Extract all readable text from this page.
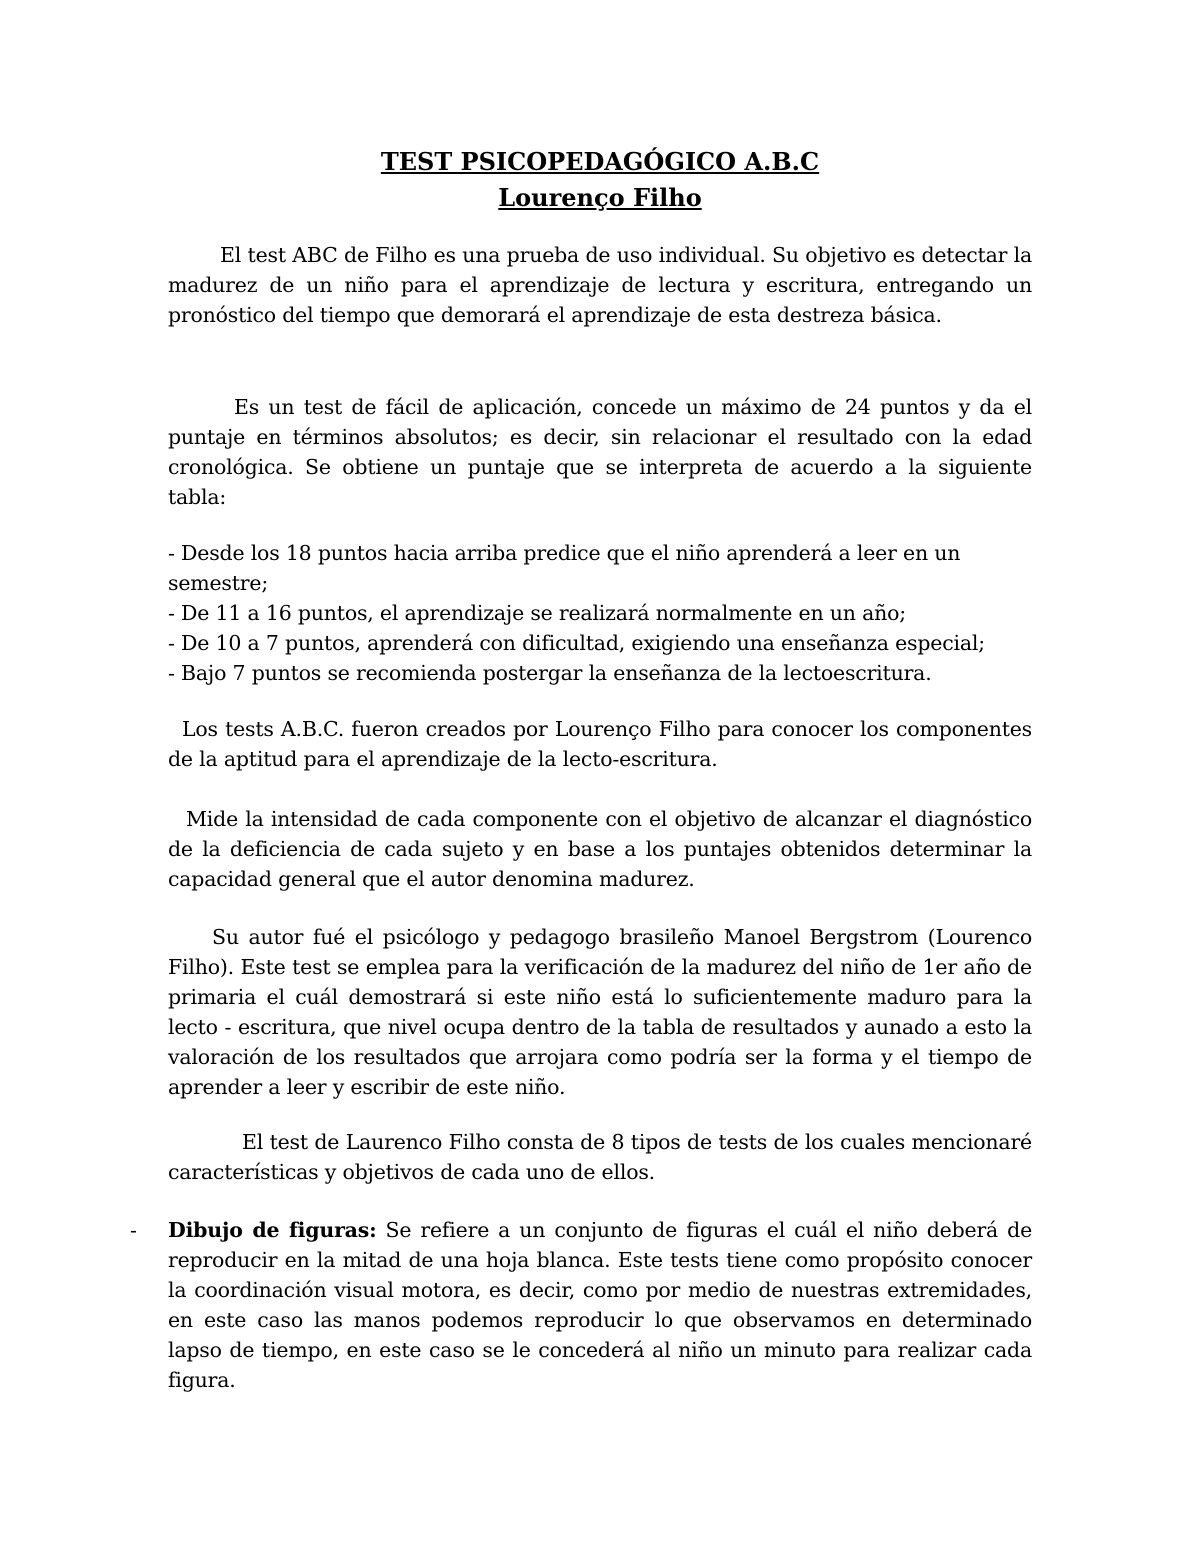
TEST PSICOPEDAGÓGICO A.B.C
Lourenço Filho

El test ABC de Filho es una prueba de uso individual. Su objetivo es detectar la madurez de un niño para el aprendizaje de lectura y escritura, entregando un pronóstico del tiempo que demorará el aprendizaje de esta destreza básica.

Es un test de fácil de aplicación, concede un máximo de 24 puntos y da el puntaje en términos absolutos; es decir, sin relacionar el resultado con la edad cronológica. Se obtiene un puntaje que se interpreta de acuerdo a la siguiente tabla:

- Desde los 18 puntos hacia arriba predice que el niño aprenderá a leer en un semestre;

- De 11 a 16 puntos, el aprendizaje se realizará normalmente en un año;

- De 10 a 7 puntos, aprenderá con dificultad, exigiendo una enseñanza especial;

- Bajo 7 puntos se recomienda postergar la enseñanza de la lectoescritura.

Los tests A.B.C. fueron creados por Lourenço Filho para conocer los componentes de la aptitud para el aprendizaje de la lecto-escritura.

Mide la intensidad de cada componente con el objetivo de alcanzar el diagnóstico de la deficiencia de cada sujeto y en base a los puntajes obtenidos determinar la capacidad general que el autor denomina madurez.

Su autor fué el psicólogo y pedagogo brasileño Manoel Bergstrom (Lourenco Filho). Este test se emplea para la verificación de la madurez del niño de 1er año de primaria el cuál demostrará si este niño está lo suficientemente maduro para la lecto - escritura, que nivel ocupa dentro de la tabla de resultados y aunado a esto la valoración de los resultados que arrojara como podría ser la forma y el tiempo de aprender a leer y escribir de este niño.

El test de Laurenco Filho consta de 8 tipos de tests de los cuales mencionaré características y objetivos de cada uno de ellos.

-	Dibujo de figuras: Se refiere a un conjunto de figuras el cuál el niño deberá de reproducir en la mitad de una hoja blanca. Este tests tiene como propósito conocer la coordinación visual motora, es decir, como por medio de nuestras extremidades, en este caso las manos podemos reproducir lo que observamos en determinado lapso de tiempo, en este caso se le concederá al niño un minuto para realizar cada figura.
